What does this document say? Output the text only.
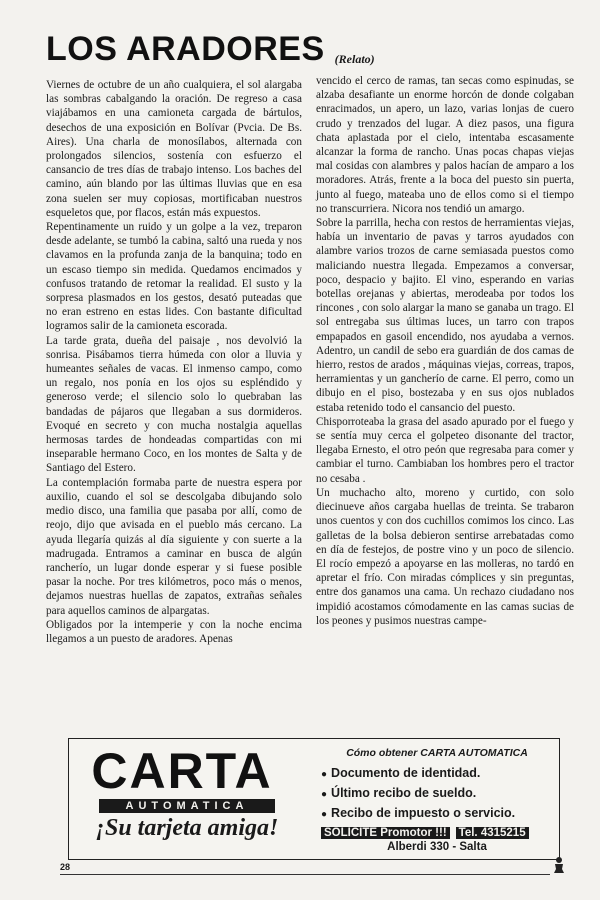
LOS ARADORES (Relato)

Viernes de octubre de un año cualquiera, el sol alargaba las sombras cabalgando la oración. De regreso a casa viajábamos en una camioneta cargada de bártulos, desechos de una exposición en Bolívar (Pvcia. De Bs. Aires). Una charla de monosílabos, alternada con prolongados silencios, sostenía con esfuerzo el cansancio de tres días de trabajo intenso. Los baches del camino, aún blando por las últimas lluvias que en esa zona suelen ser muy copiosas, mortificaban nuestros esqueletos que, por flacos, están más expuestos.

Repentinamente un ruido y un golpe a la vez, treparon desde adelante, se tumbó la cabina, saltó una rueda y nos clavamos en la profunda zanja de la banquina; todo en un escaso tiempo sin medida. Quedamos encimados y confusos tratando de retomar la realidad. El susto y la sorpresa plasmados en los gestos, desató puteadas que no eran estreno en estas lides. Con bastante dificultad logramos salir de la camioneta escorada.

La tarde grata, dueña del paisaje , nos devolvió la sonrisa. Pisábamos tierra húmeda con olor a lluvia y humeantes señales de vacas. El inmenso campo, como un regalo, nos ponía en los ojos su espléndido y generoso verde; el silencio solo lo quebraban las bandadas de pájaros que llegaban a sus dormideros. Evoqué en secreto y con mucha nostalgia aquellas hermosas tardes de hondeadas compartidas con mi inseparable hermano Coco, en los montes de Salta y de Santiago del Estero.

La contemplación formaba parte de nuestra espera por auxilio, cuando el sol se descolgaba dibujando solo medio disco, una familia que pasaba por allí, como de reojo, dijo que avisada en el pueblo más cercano. La ayuda llegaría quizás al día siguiente y con suerte a la madrugada. Entramos a caminar en busca de algún rancherío, un lugar donde esperar y si fuese posible pasar la noche. Por tres kilómetros, poco más o menos, dejamos nuestras huellas de zapatos, extrañas señales para aquellos caminos de alpargatas.

Obligados por la intemperie y con la noche encima llegamos a un puesto de aradores. Apenas

vencido el cerco de ramas, tan secas como espinudas, se alzaba desafiante un enorme horcón de donde colgaban enracimados, un apero, un lazo, varias lonjas de cuero crudo y trenzados del lugar. A diez pasos, una figura chata aplastada por el cielo, intentaba escasamente alcanzar la forma de rancho. Unas pocas chapas viejas mal cosidas con alambres y palos hacían de amparo a los moradores. Atrás, frente a la boca del puesto sin puerta, junto al fuego, mateaba uno de ellos como si el tiempo no transcurriera. Nicora nos tendió un amargo.

Sobre la parrilla, hecha con restos de herramientas viejas, había un inventario de pavas y tarros ayudados con alambre varios trozos de carne semiasada puestos como maliciando nuestra llegada. Empezamos a conversar, poco, despacio y bajito. El vino, esperando en varias botellas orejanas y abiertas, merodeaba por todos los rincones , con solo alargar la mano se ganaba un trago. El sol entregaba sus últimas luces, un tarro con trapos empapados en gasoil encendido, nos ayudaba a vernos. Adentro, un candil de sebo era guardián de dos camas de hierro, restos de arados , máquinas viejas, correas, trapos, herramientas y un gancherío de carne. El perro, como un dibujo en el piso, bostezaba y en sus ojos nublados estaba retenido todo el cansancio del puesto.

Chisporroteaba la grasa del asado apurado por el fuego y se sentía muy cerca el golpeteo disonante del tractor, llegaba Ernesto, el otro peón que regresaba para comer y cambiar el turno. Cambiaban los hombres pero el tractor no cesaba .

Un muchacho alto, moreno y curtido, con solo diecinueve años cargaba huellas de treinta. Se trabaron unos cuentos y con dos cuchillos comimos los cinco. Las galletas de la bolsa debieron sentirse arrebatadas como en día de festejos, de postre vino y un poco de silencio. El rocío empezó a apoyarse en las molleras, no tardó en apretar el frío. Con miradas cómplices y sin preguntas, entre dos ganamos una cama. Un rechazo ciudadano nos impidió acostamos cómodamente en las camas sucias de los peones y pusimos nuestras campe-

CARTA
AUTOMATICA
¡Su tarjeta amiga!
Cómo obtener CARTA AUTOMATICA
● Documento de identidad.
● Último recibo de sueldo.
● Recibo de impuesto o servicio.
SOLICITE Promotor !!! Tel. 4315215
Alberdi 330 - Salta
28
